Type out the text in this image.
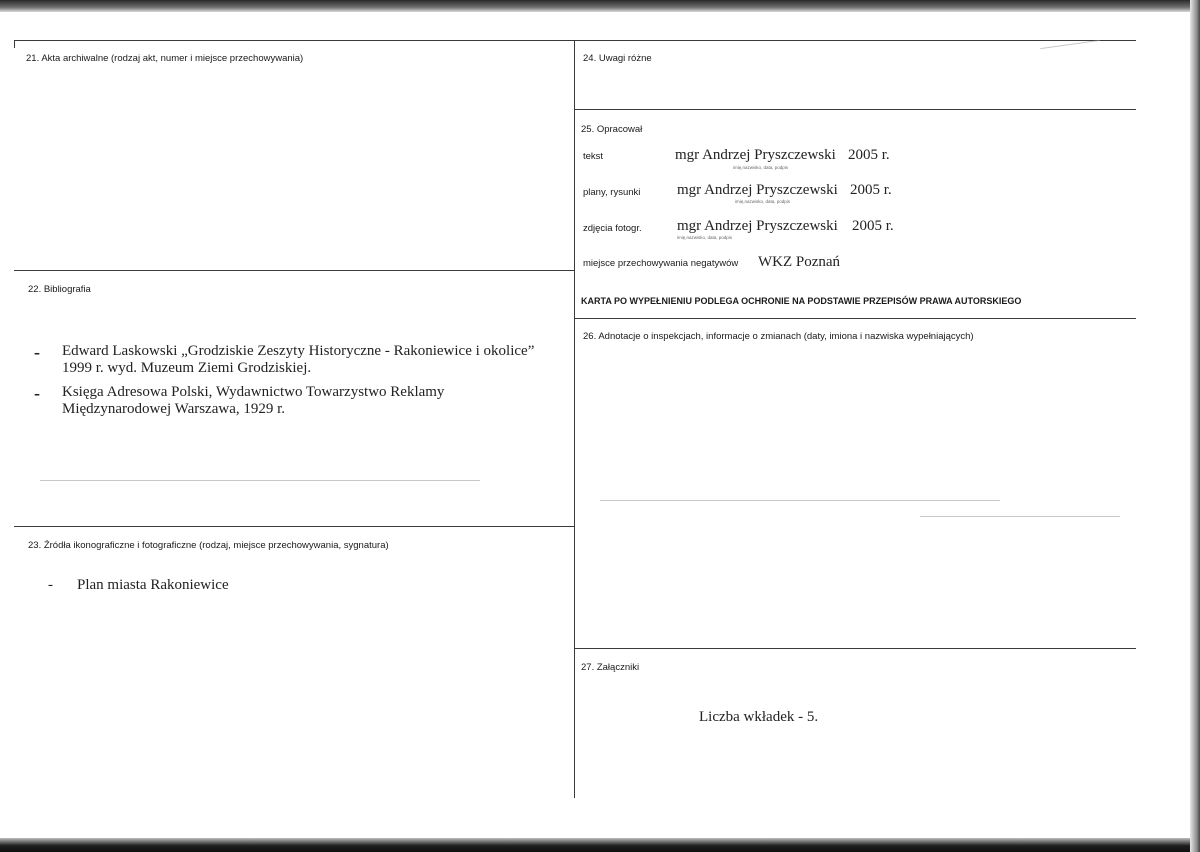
21. Akta archiwalne (rodzaj akt, numer i miejsce przechowywania)
22. Bibliografia
- Edward Laskowski „Grodziskie Zeszyty Historyczne - Rakoniewice i okolice”
1999 r. wyd. Muzeum Ziemi Grodziskiej.
- Księga Adresowa Polski, Wydawnictwo Towarzystwo Reklamy
Międzynarodowej Warszawa, 1929 r.
23. Źródła ikonograficzne i fotograficzne (rodzaj, miejsce przechowywania, sygnatura)
- Plan miasta Rakoniewice
24. Uwagi różne
25. Opracował
tekst	mgr Andrzej Pryszczewski
imię,nazwisko, data, podpis
2005 r.
plany, rysunki mgr Andrzej Pryszczewski
imię,nazwisko, data, podpis
2005 r.
zdjęcia fotogr. mgr Andrzej Pryszczewski
imię,nazwisko, data, podpis
2005 r.
miejsce przechowywania negatywów WKZ Poznań
KARTA PO WYPEŁNIENIU PODLEGA OCHRONIE NA PODSTAWIE PRZEPISÓW PRAWA AUTORSKIEGO
26. Adnotacje o inspekcjach, informacje o zmianach (daty, imiona i nazwiska wypełniających)
27. Załączniki
Liczba wkładek - 5.
